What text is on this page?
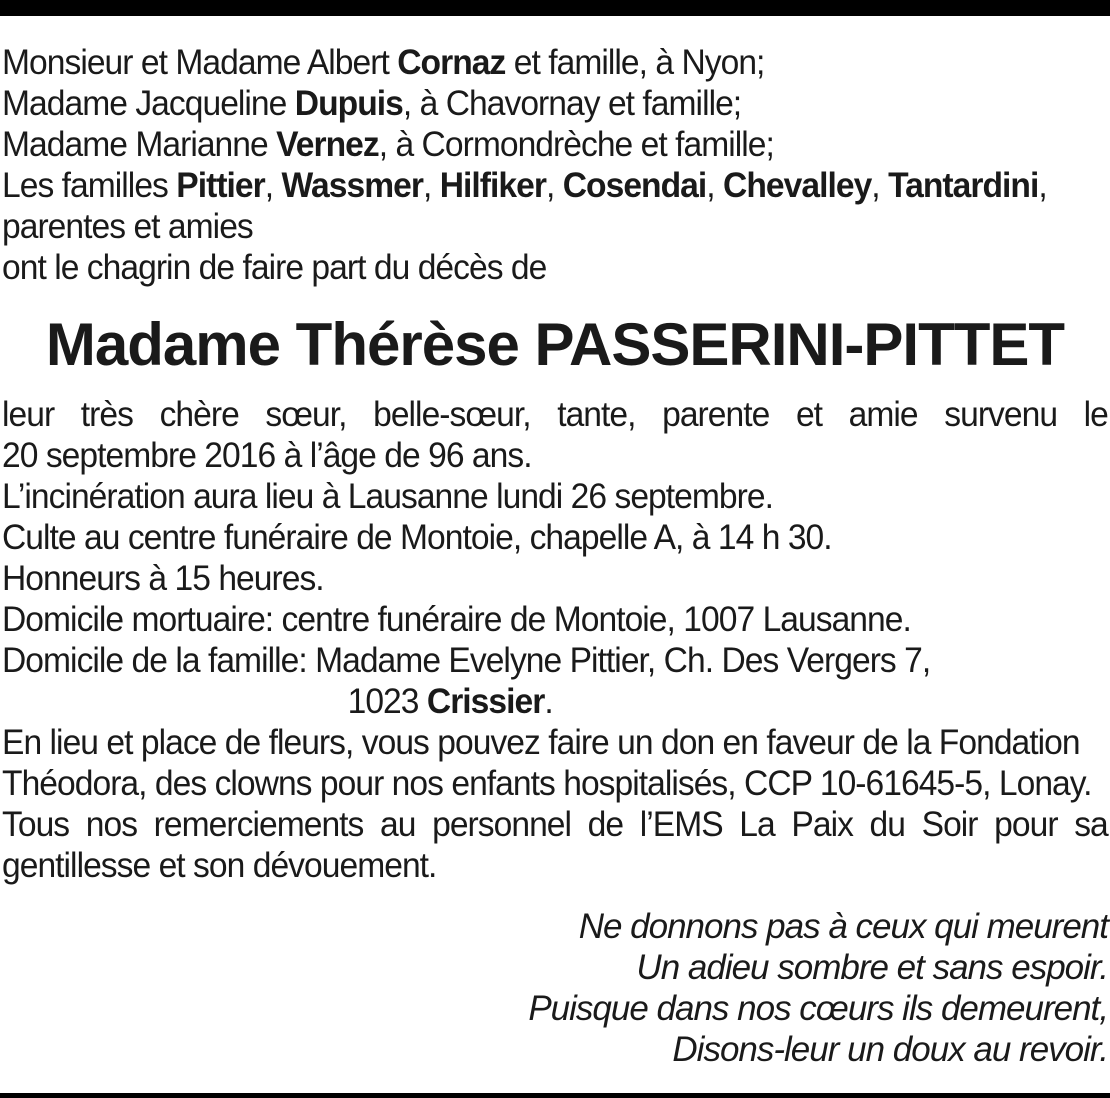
Monsieur et Madame Albert Cornaz et famille, à Nyon;
Madame Jacqueline Dupuis, à Chavornay et famille;
Madame Marianne Vernez, à Cormondrèche et famille;
Les familles Pittier, Wassmer, Hilfiker, Cosendai, Chevalley, Tantardini,
parentes et amies
ont le chagrin de faire part du décès de
Madame Thérèse PASSERINI-PITTET
leur très chère sœur, belle-sœur, tante, parente et amie survenu le
20 septembre 2016 à l’âge de 96 ans.
L’incinération aura lieu à Lausanne lundi 26 septembre.
Culte au centre funéraire de Montoie, chapelle A, à 14 h 30.
Honneurs à 15 heures.
Domicile mortuaire: centre funéraire de Montoie, 1007 Lausanne.
Domicile de la famille: Madame Evelyne Pittier, Ch. Des Vergers 7,
1023 Crissier.
En lieu et place de fleurs, vous pouvez faire un don en faveur de la Fondation
Théodora, des clowns pour nos enfants hospitalisés, CCP 10-61645-5, Lonay.
Tous nos remerciements au personnel de l’EMS La Paix du Soir pour sa
gentillesse et son dévouement.
Ne donnons pas à ceux qui meurent
Un adieu sombre et sans espoir.
Puisque dans nos cœurs ils demeurent,
Disons-leur un doux au revoir.
